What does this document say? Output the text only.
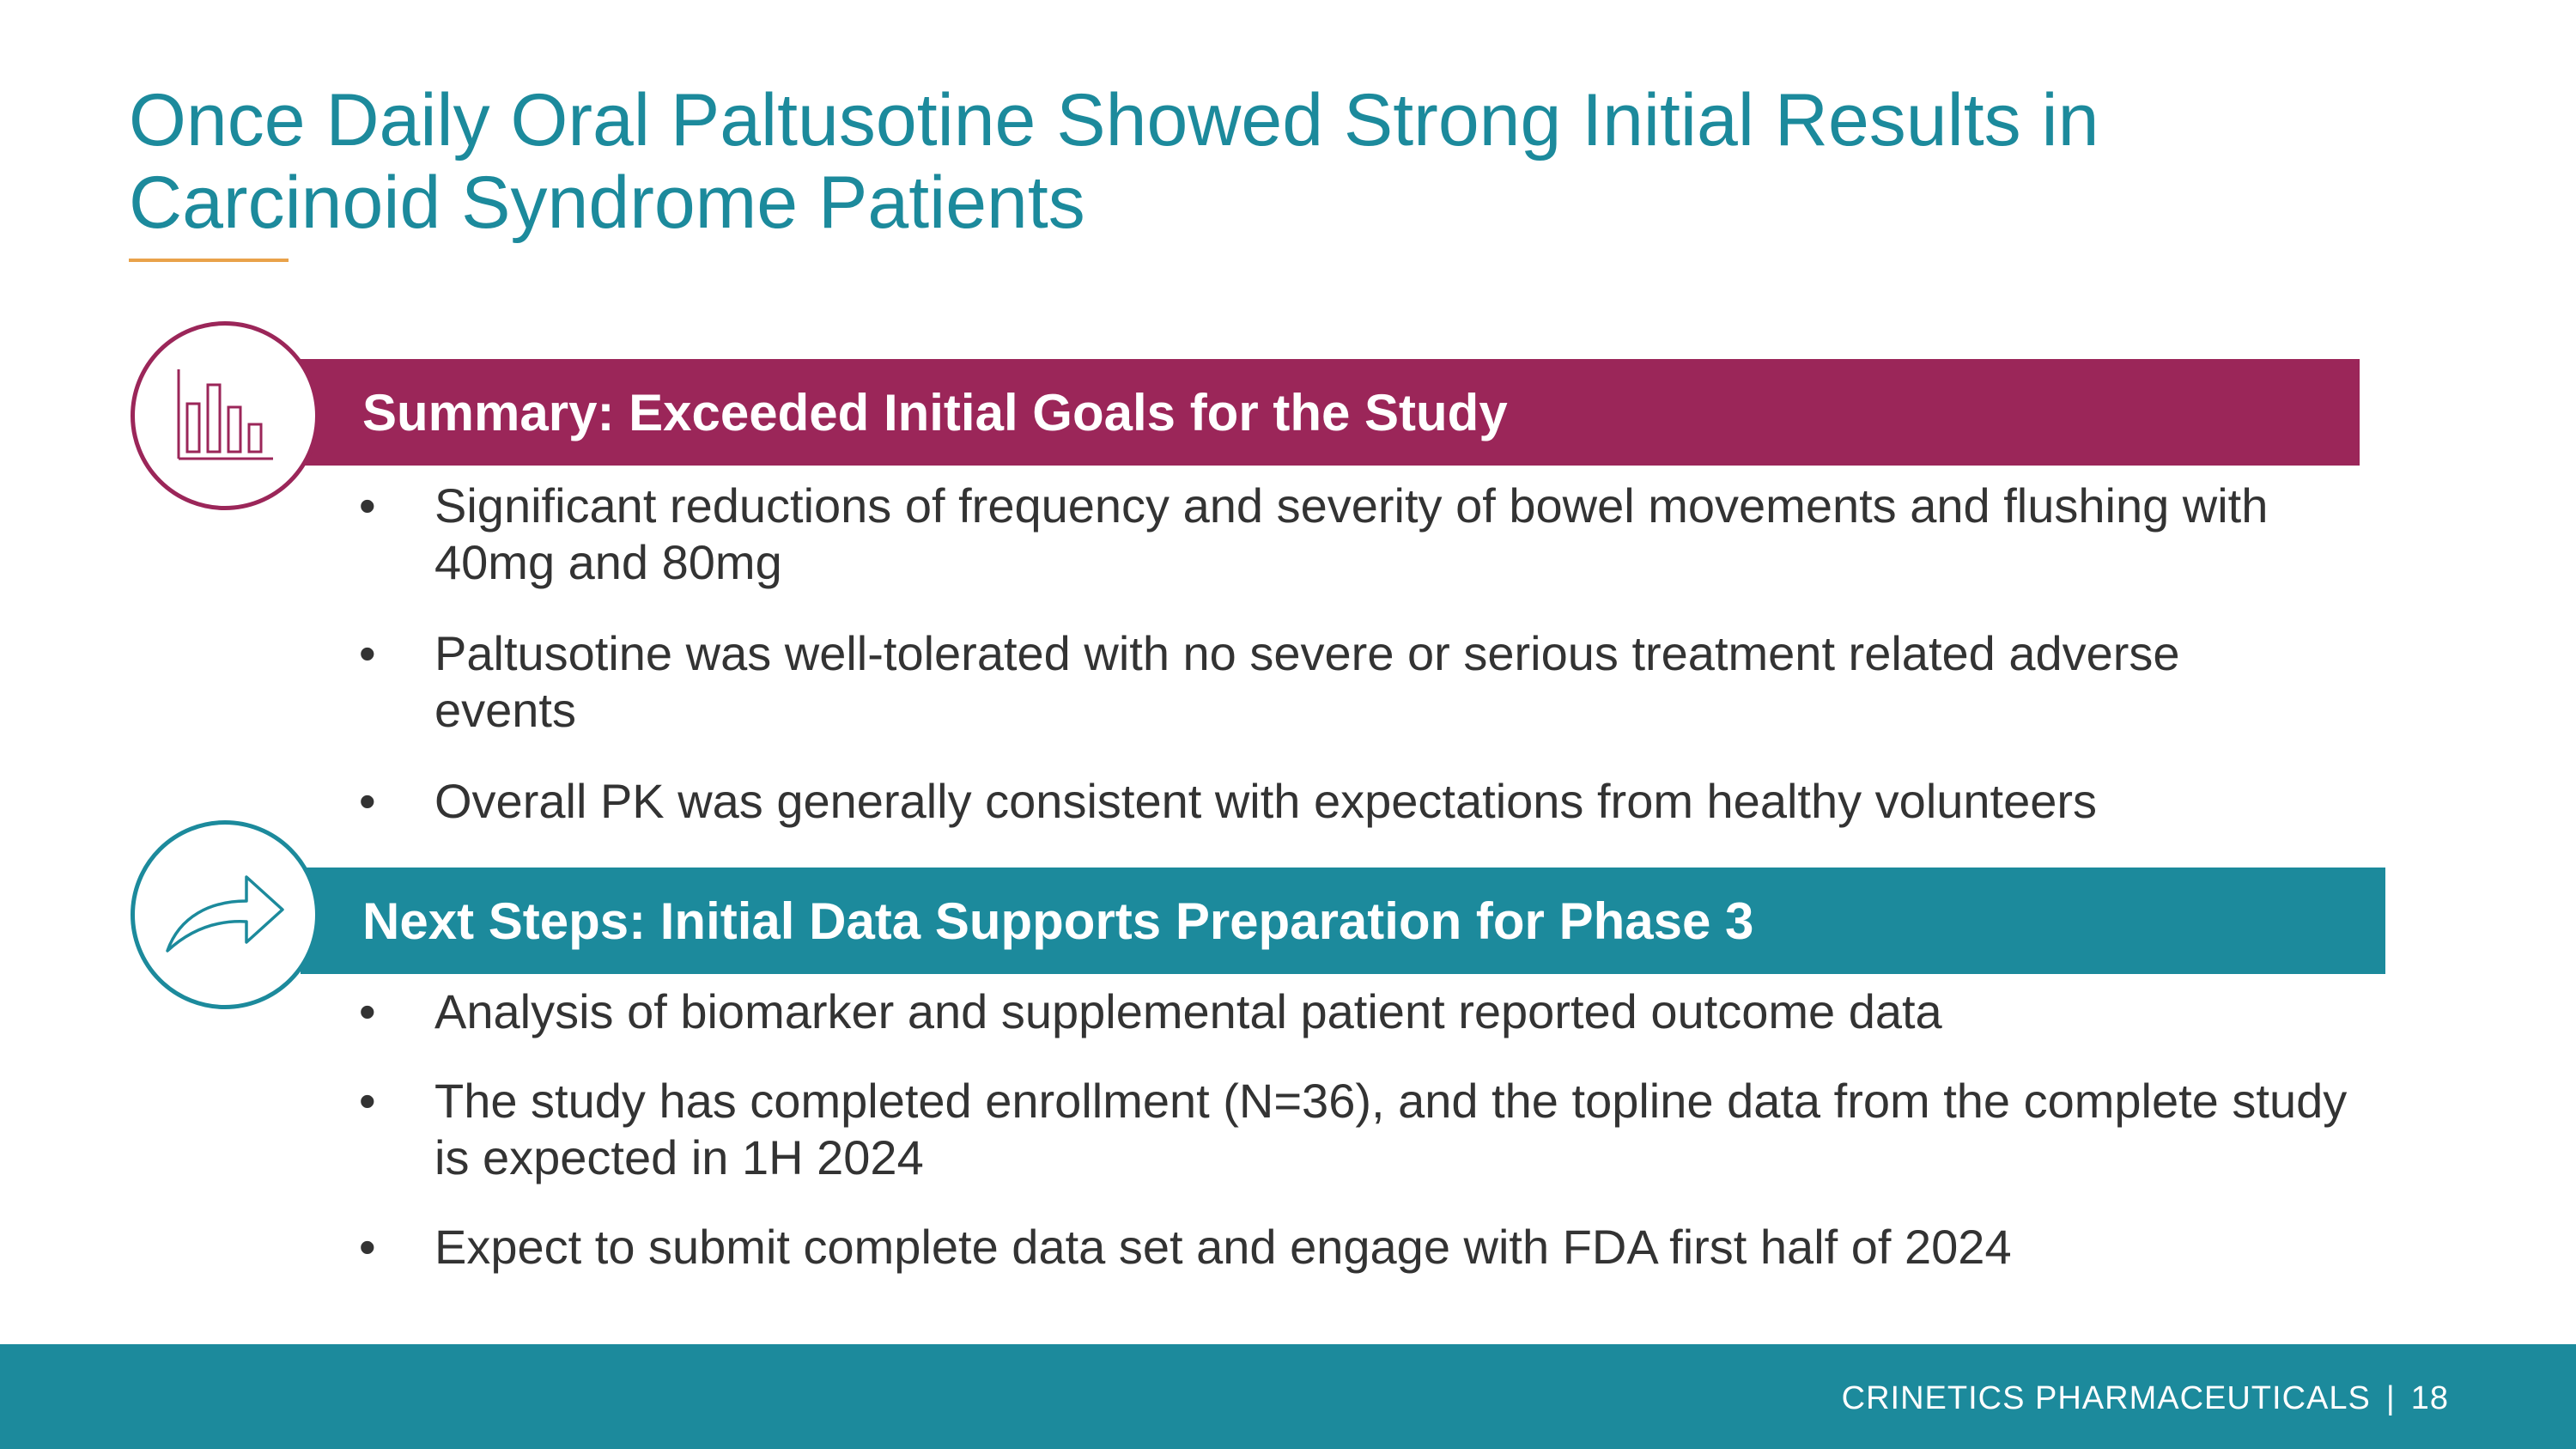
Once Daily Oral Paltusotine Showed Strong Initial Results in
Carcinoid Syndrome Patients
Summary: Exceeded Initial Goals for the Study
• Significant reductions of frequency and severity of bowel movements and flushing with 40mg and 80mg
• Paltusotine was well-tolerated with no severe or serious treatment related adverse events
• Overall PK was generally consistent with expectations from healthy volunteers
Next Steps: Initial Data Supports Preparation for Phase 3
• Analysis of biomarker and supplemental patient reported outcome data
• The study has completed enrollment (N=36), and the topline data from the complete study is expected in 1H 2024
• Expect to submit complete data set and engage with FDA first half of 2024
CRINETICS PHARMACEUTICALS | 18
